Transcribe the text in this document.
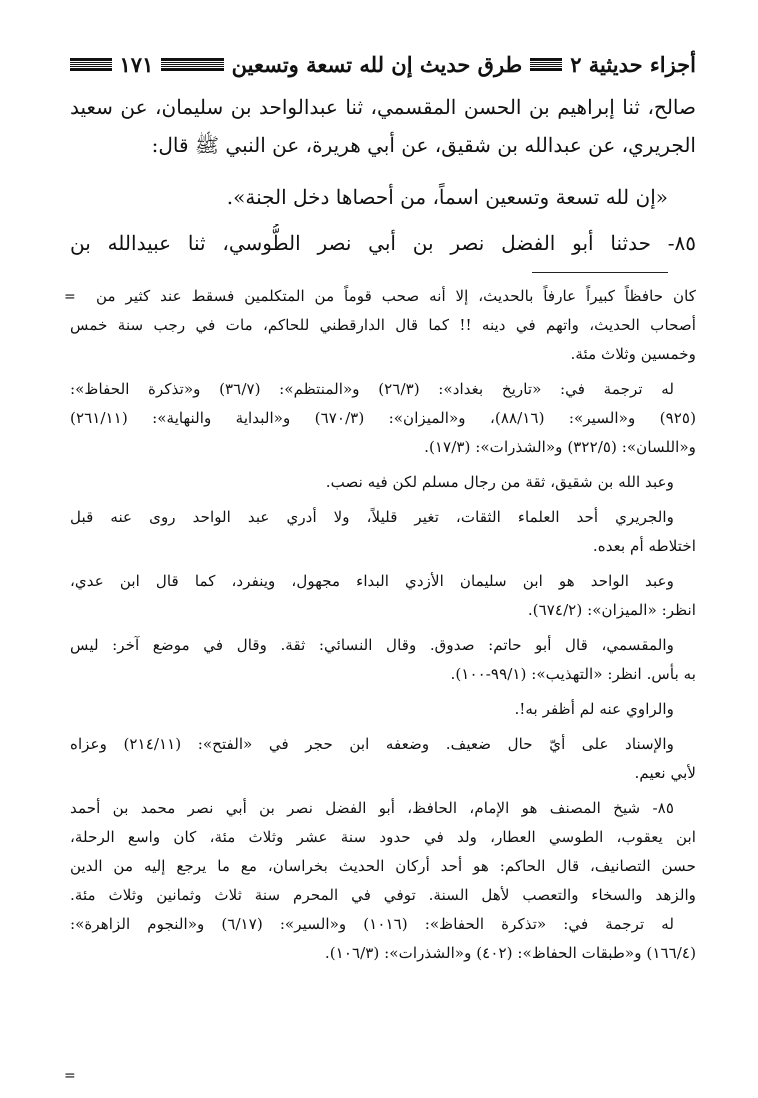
أجزاء حديثية ٢
طرق حديث إن لله تسعة وتسعين
١٧١
صالح، ثنا إبراهيم بن الحسن المقسمي، ثنا عبدالواحد بن سليمان، عن سعيد
الجريري، عن عبدالله بن شقيق، عن أبي هريرة، عن النبي ﷺ قال:
«إن لله تسعة وتسعين اسماً، من أحصاها دخل الجنة».
٨٥- حدثنا أبو الفضل نصر بن أبي نصر الطُّوسي، ثنا عبيدالله بن
=
=
كان حافظاً كبيراً عارفاً بالحديث، إلا أنه صحب قوماً من المتكلمين فسقط عند كثير من
أصحاب الحديث، واتهم في دينه !! كما قال الدارقطني للحاكم، مات في رجب سنة خمس
وخمسين وثلاث مئة.
له ترجمة في: «تاريخ بغداد»: (٢٦/٣) و«المنتظم»: (٣٦/٧) و«تذكرة الحفاظ»:
(٩٢٥) و«السير»: (٨٨/١٦)، و«الميزان»: (٦٧٠/٣) و«البداية والنهاية»: (٢٦١/١١)
و«اللسان»: (٣٢٢/٥) و«الشذرات»: (١٧/٣).
وعبد الله بن شقيق، ثقة من رجال مسلم لكن فيه نصب.
والجريري أحد العلماء الثقات، تغير قليلاً، ولا أدري عبد الواحد روى عنه قبل
اختلاطه أم بعده.
وعبد الواحد هو ابن سليمان الأزدي البداء مجهول، وينفرد، كما قال ابن عدي،
انظر: «الميزان»: (٦٧٤/٢).
والمقسمي، قال أبو حاتم: صدوق. وقال النسائي: ثقة. وقال في موضع آخر: ليس
به بأس. انظر: «التهذيب»: (٩٩/١-١٠٠).
والراوي عنه لم أظفر به!.
والإسناد على أيّ حال ضعيف. وضعفه ابن حجر في «الفتح»: (٢١٤/١١) وعزاه
لأبي نعيم.
٨٥- شيخ المصنف هو الإمام، الحافظ، أبو الفضل نصر بن أبي نصر محمد بن أحمد
ابن يعقوب، الطوسي العطار، ولد في حدود سنة عشر وثلاث مئة، كان واسع الرحلة،
حسن التصانيف، قال الحاكم: هو أحد أركان الحديث بخراسان، مع ما يرجع إليه من الدين
والزهد والسخاء والتعصب لأهل السنة. توفي في المحرم سنة ثلاث وثمانين وثلاث مئة.
له ترجمة في: «تذكرة الحفاظ»: (١٠١٦) و«السير»: (٦/١٧) و«النجوم الزاهرة»:
(١٦٦/٤) و«طبقات الحفاظ»: (٤٠٢) و«الشذرات»: (١٠٦/٣).
